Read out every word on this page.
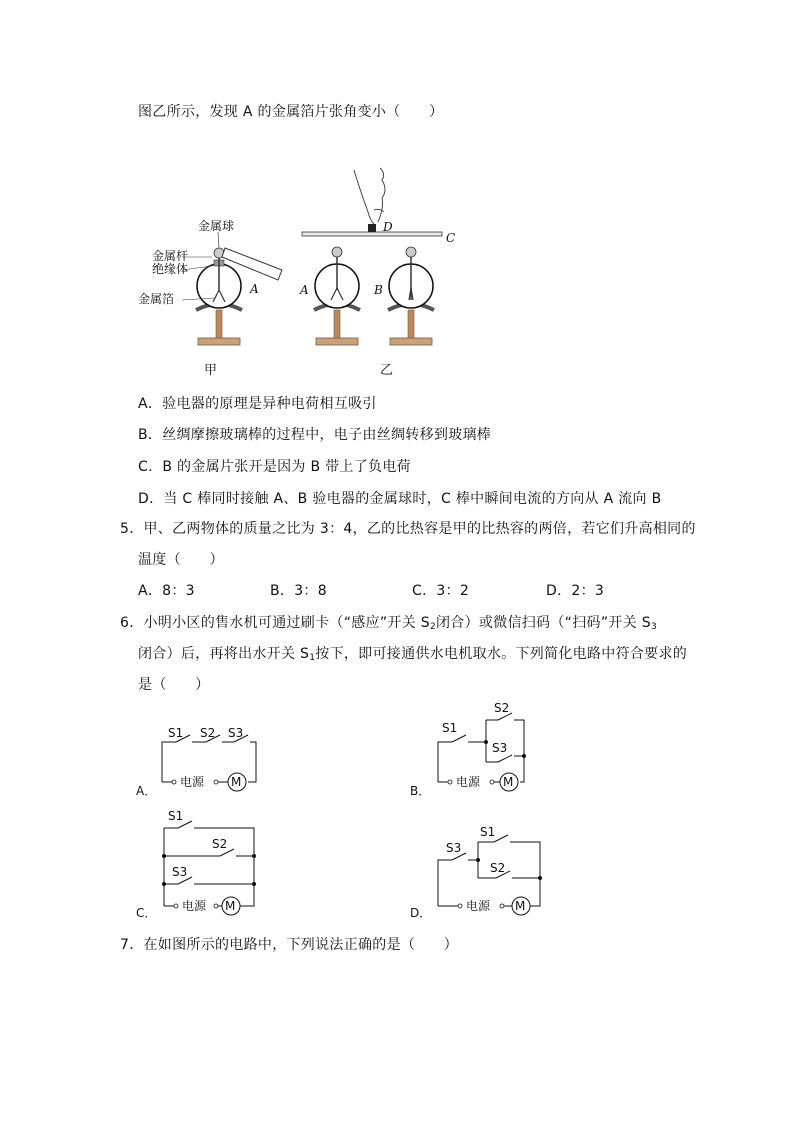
图乙所示，发现 A 的金属箔片张角变小（　　）
金属球
金属杆
绝缘体
金属箔
A
D
C
A	B
甲	乙
A．验电器的原理是异种电荷相互吸引
B．丝绸摩擦玻璃棒的过程中，电子由丝绸转移到玻璃棒
C．B 的金属片张开是因为 B 带上了负电荷
D．当 C 棒同时接触 A、B 验电器的金属球时，C 棒中瞬间电流的方向从 A 流向 B
5．甲、乙两物体的质量之比为 3：4，乙的比热容是甲的比热容的两倍，若它们升高相同的
温度（　　）
A．8：3	B．3：8	C．3：2	D．2：3
6．小明小区的售水机可通过刷卡（“感应”开关 $S_2$闭合）或微信扫码（“扫码”开关 $S_3$
闭合）后，再将出水开关 $S_1$按下，即可接通供水电机取水。下列简化电路中符合要求的
是（　　）
S1 S2 S3
电源 M
A．
S1
S2
S3
电源 M
B．
S1
S2
S3
电源 M
C．
S3
S1
S2
电源 M
D．
7．在如图所示的电路中，下列说法正确的是（　　）
